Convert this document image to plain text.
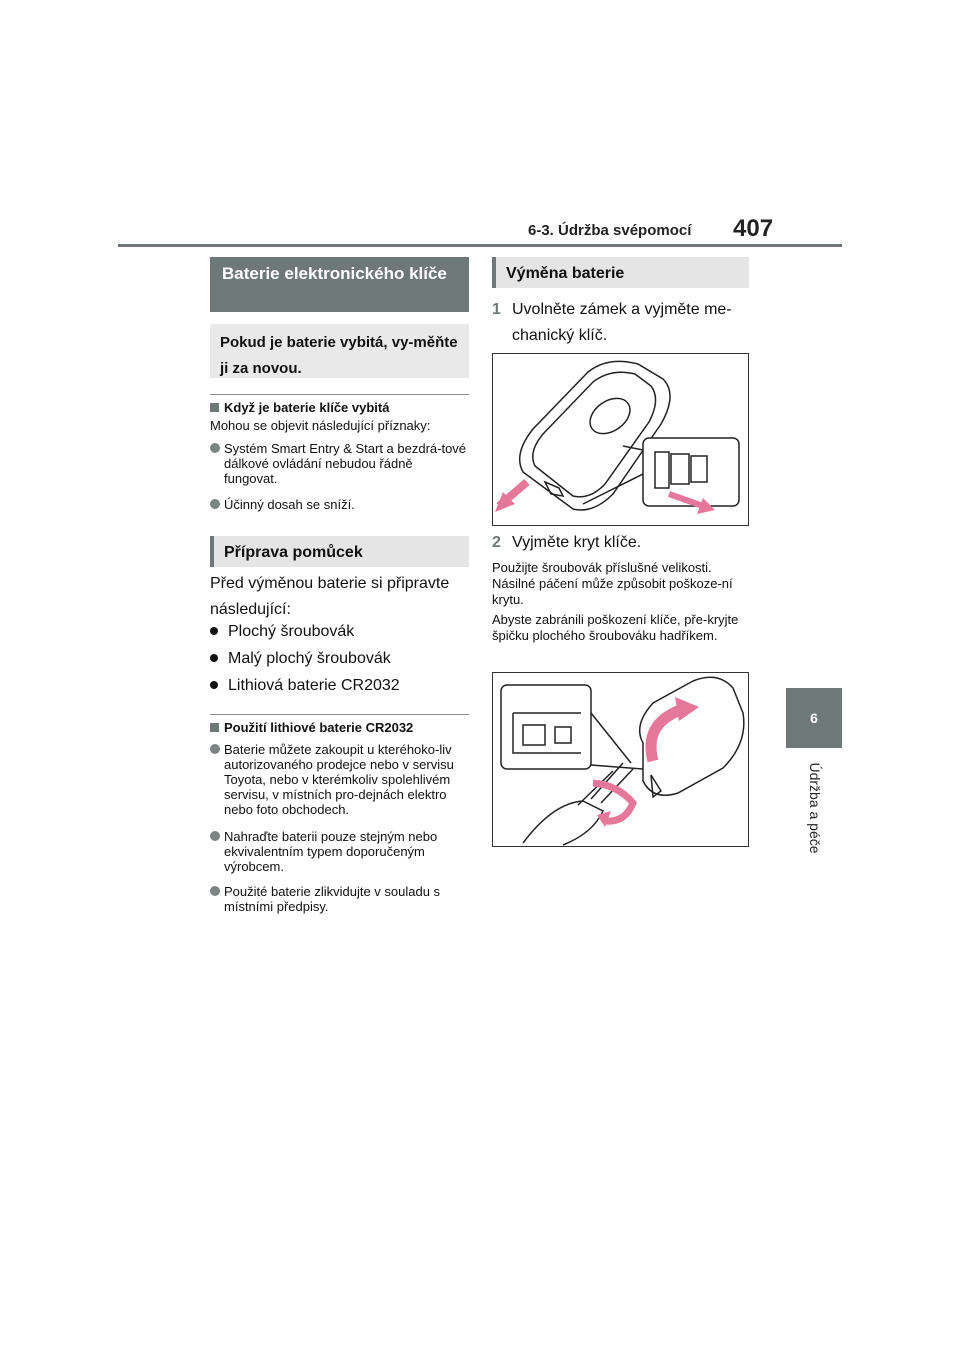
6-3. Údržba svépomocí 407
6
Údržba a péče
Baterie elektronického klíče
Pokud je baterie vybitá, vy-měňte ji za novou.
Když je baterie klíče vybitá
Mohou se objevit následující příznaky:
Systém Smart Entry & Start a bezdrá-tové dálkové ovládání nebudou řádně fungovat.
Účinný dosah se sníží.
Příprava pomůcek
Před výměnou baterie si připravte následující:
Plochý šroubovák
Malý plochý šroubovák
Lithiová baterie CR2032
Použití lithiové baterie CR2032
Baterie můžete zakoupit u kteréhoko-liv autorizovaného prodejce nebo v servisu Toyota, nebo v kterémkoliv spolehlivém servisu, v místních pro-dejnách elektro nebo foto obchodech.
Nahraďte baterii pouze stejným nebo ekvivalentním typem doporučeným výrobcem.
Použité baterie zlikvidujte v souladu s místními předpisy.
Výměna baterie
1 Uvolněte zámek a vyjměte me-chanický klíč.
2 Vyjměte kryt klíče.
Použijte šroubovák příslušné velikosti. Násilné páčení může způsobit poškoze-ní krytu.
Abyste zabránili poškození klíče, pře-kryjte špičku plochého šroubováku hadříkem.
